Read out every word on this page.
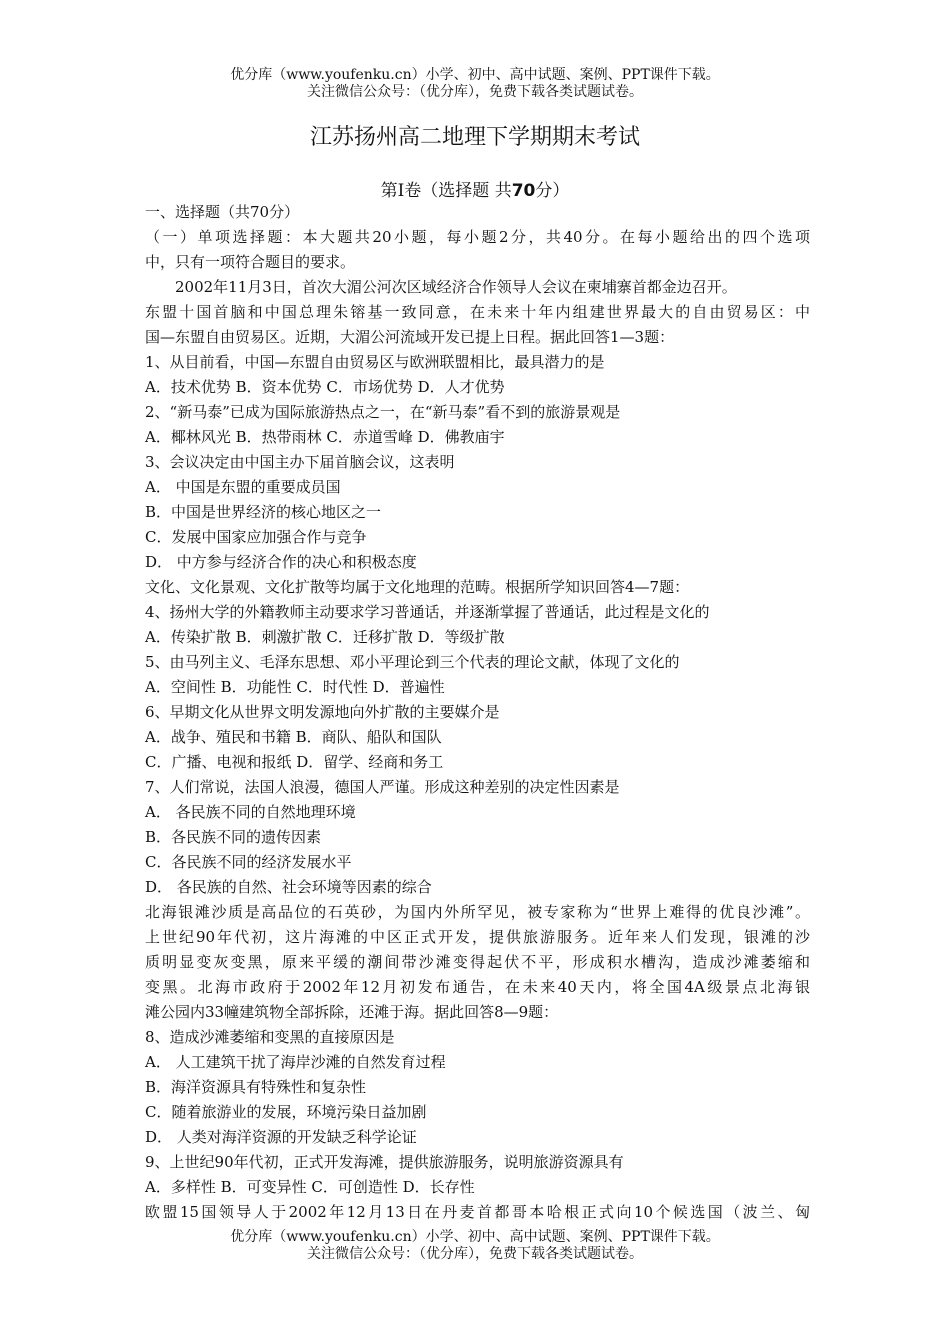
优分库（www.youfenku.cn）小学、初中、高中试题、案例、PPT课件下载。
关注微信公众号：（优分库），免费下载各类试题试卷。
江苏扬州高二地理下学期期末考试
第Ⅰ卷（选择题 共70分）
一、选择题（共70分）
（一）单项选择题：本大题共20小题，每小题2分，共40分。在每小题给出的四个选项
中，只有一项符合题目的要求。
2002年11月3日，首次大湄公河次区域经济合作领导人会议在柬埔寨首都金边召开。
东盟十国首脑和中国总理朱镕基一致同意，在未来十年内组建世界最大的自由贸易区：中
国—东盟自由贸易区。近期，大湄公河流域开发已提上日程。据此回答1—3题：
1、从目前看，中国—东盟自由贸易区与欧洲联盟相比，最具潜力的是
A．技术优势 B．资本优势 C．市场优势 D．人才优势
2、“新马泰”已成为国际旅游热点之一，在“新马泰”看不到的旅游景观是
A．椰林风光 B．热带雨林 C．赤道雪峰 D．佛教庙宇
3、会议决定由中国主办下届首脑会议，这表明
A． 中国是东盟的重要成员国
B．中国是世界经济的核心地区之一
C．发展中国家应加强合作与竞争
D． 中方参与经济合作的决心和积极态度
文化、文化景观、文化扩散等均属于文化地理的范畴。根据所学知识回答4—7题：
4、扬州大学的外籍教师主动要求学习普通话，并逐渐掌握了普通话，此过程是文化的
A．传染扩散 B．刺激扩散 C．迁移扩散 D．等级扩散
5、由马列主义、毛泽东思想、邓小平理论到三个代表的理论文献，体现了文化的
A．空间性 B．功能性 C．时代性 D．普遍性
6、早期文化从世界文明发源地向外扩散的主要媒介是
A．战争、殖民和书籍 B．商队、船队和国队
C．广播、电视和报纸 D．留学、经商和务工
7、人们常说，法国人浪漫，德国人严谨。形成这种差别的决定性因素是
A． 各民族不同的自然地理环境
B．各民族不同的遗传因素
C．各民族不同的经济发展水平
D． 各民族的自然、社会环境等因素的综合
北海银滩沙质是高品位的石英砂，为国内外所罕见，被专家称为“世界上难得的优良沙滩”。
上世纪90年代初，这片海滩的中区正式开发，提供旅游服务。近年来人们发现，银滩的沙
质明显变灰变黑，原来平缓的潮间带沙滩变得起伏不平，形成积水槽沟，造成沙滩萎缩和
变黑。北海市政府于2002年12月初发布通告，在未来40天内，将全国4A级景点北海银
滩公园内33幢建筑物全部拆除，还滩于海。据此回答8—9题：
8、造成沙滩萎缩和变黑的直接原因是
A． 人工建筑干扰了海岸沙滩的自然发育过程
B．海洋资源具有特殊性和复杂性
C．随着旅游业的发展，环境污染日益加剧
D． 人类对海洋资源的开发缺乏科学论证
9、上世纪90年代初，正式开发海滩，提供旅游服务，说明旅游资源具有
A．多样性 B．可变异性 C．可创造性 D．长存性
欧盟15国领导人于2002年12月13日在丹麦首都哥本哈根正式向10个候选国（波兰、匈
优分库（www.youfenku.cn）小学、初中、高中试题、案例、PPT课件下载。
关注微信公众号：（优分库），免费下载各类试题试卷。
